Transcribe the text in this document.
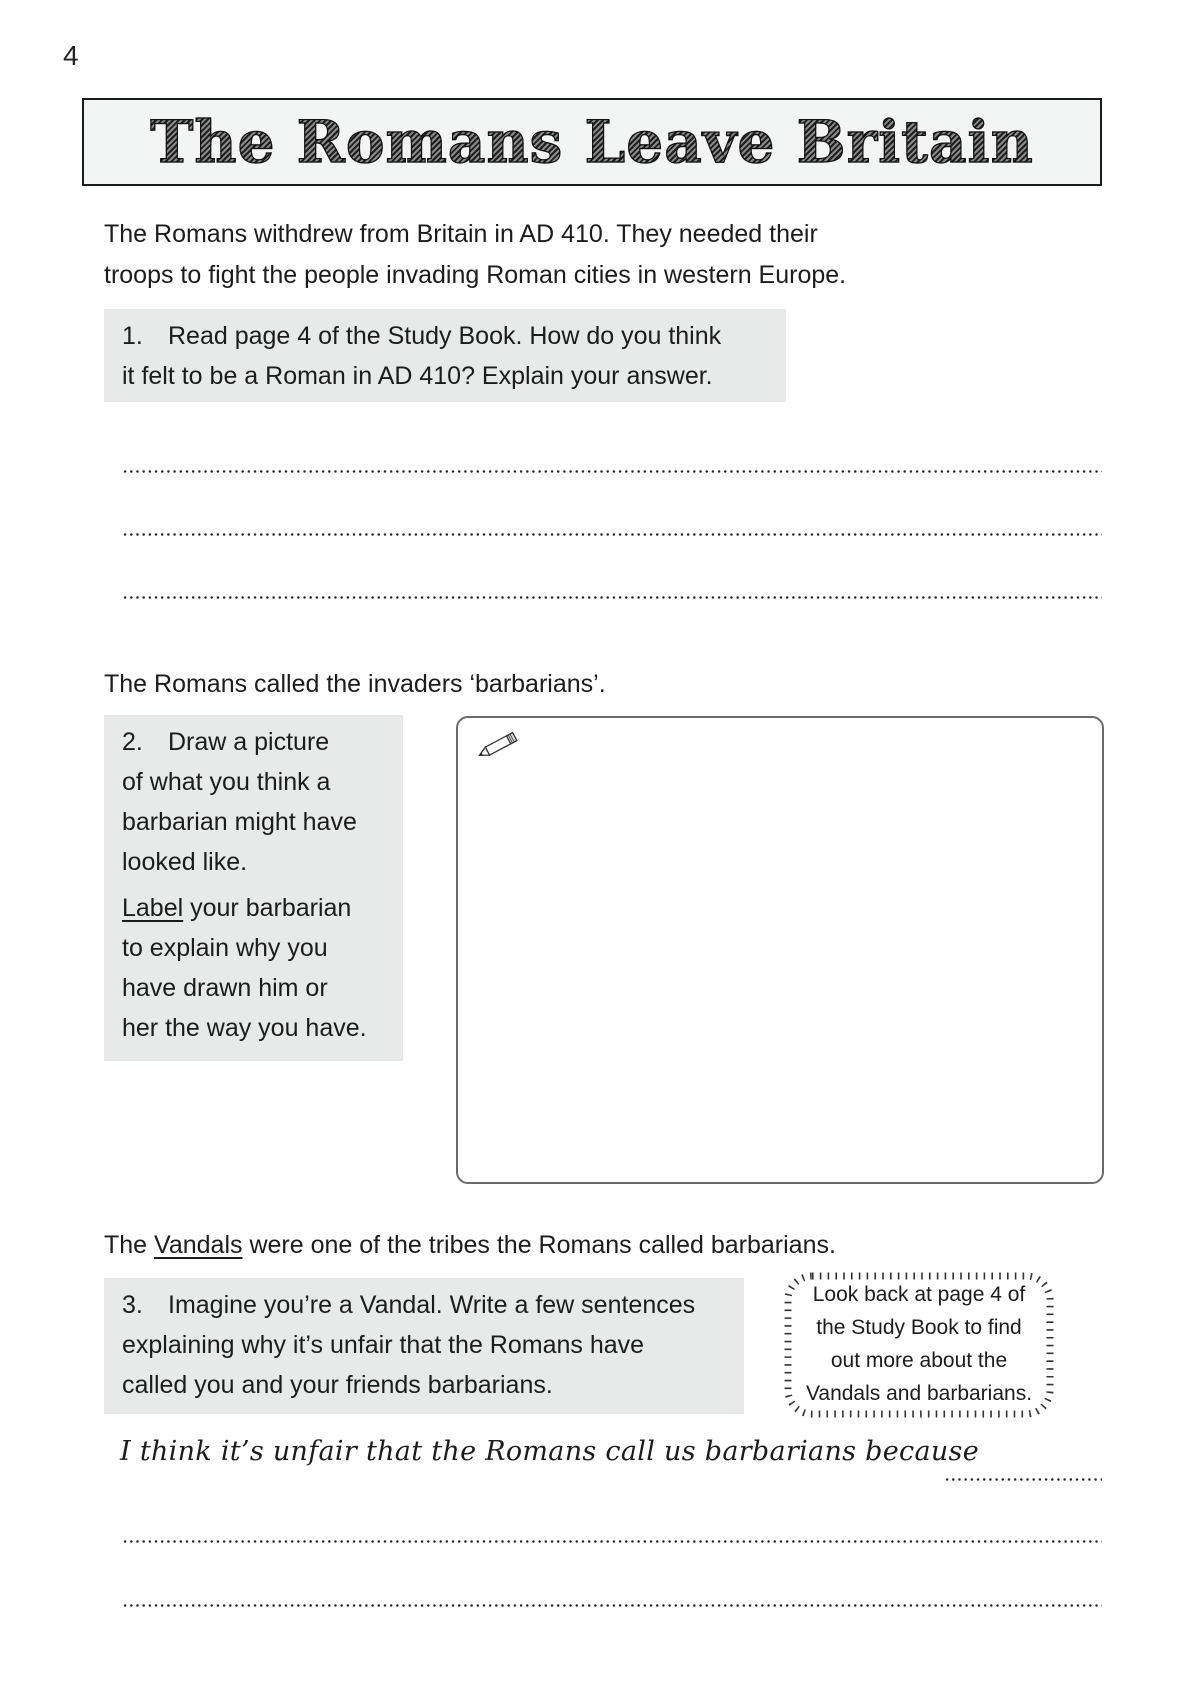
4
The Romans Leave Britain
The Romans withdrew from Britain in AD 410. They needed their
troops to fight the people invading Roman cities in western Europe.
1. Read page 4 of the Study Book. How do you think
it felt to be a Roman in AD 410? Explain your answer.
The Romans called the invaders ‘barbarians’.
2. Draw a picture
of what you think a
barbarian might have
looked like.
Label your barbarian
to explain why you
have drawn him or
her the way you have.
The Vandals were one of the tribes the Romans called barbarians.
3. Imagine you’re a Vandal. Write a few sentences
explaining why it’s unfair that the Romans have
called you and your friends barbarians.
Look back at page 4 of
the Study Book to find
out more about the
Vandals and barbarians.
I think it’s unfair that the Romans call us barbarians because
